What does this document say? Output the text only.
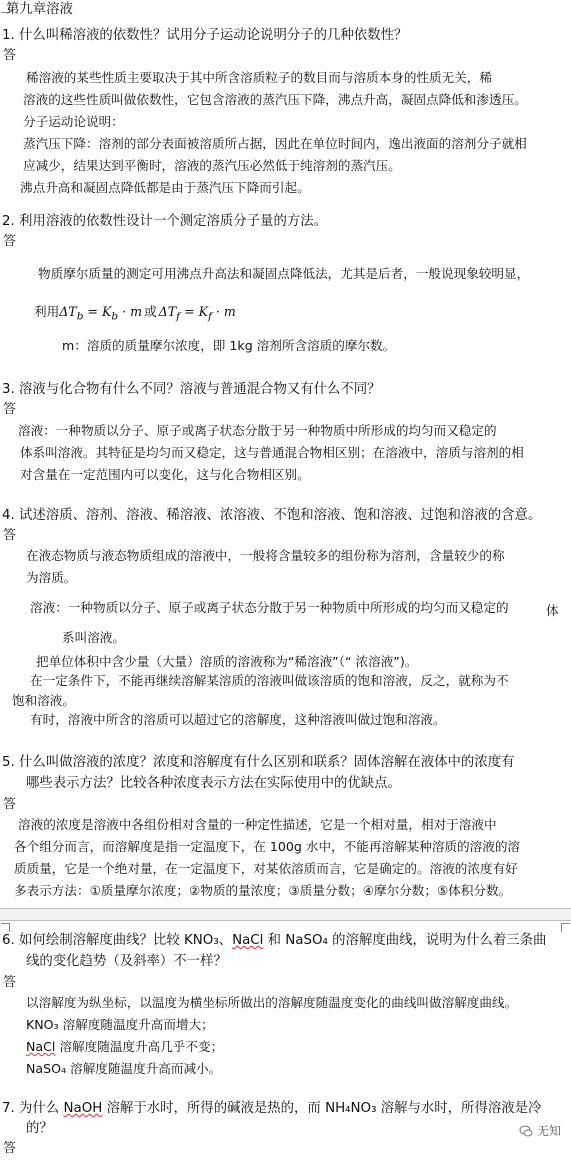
第九章溶液
1. 什么叫稀溶液的依数性？试用分子运动论说明分子的几种依数性？
答
稀溶液的某些性质主要取决于其中所含溶质粒子的数目而与溶质本身的性质无关，稀
溶液的这些性质叫做依数性，它包含溶液的蒸汽压下降，沸点升高，凝固点降低和渗透压。
分子运动论说明：
蒸汽压下降：溶剂的部分表面被溶质所占据，因此在单位时间内，逸出液面的溶剂分子就相
应减少，结果达到平衡时，溶液的蒸汽压必然低于纯溶剂的蒸汽压。
沸点升高和凝固点降低都是由于蒸汽压下降而引起。
2. 利用溶液的依数性设计一个测定溶质分子量的方法。
答
物质摩尔质量的测定可用沸点升高法和凝固点降低法，尤其是后者，一般说现象较明显，
利用$\Delta T_b = K_b \cdot m$ 或 $\Delta T_f = K_f \cdot m$
m：溶质的质量摩尔浓度，即 1kg 溶剂所含溶质的摩尔数。
3. 溶液与化合物有什么不同？溶液与普通混合物又有什么不同？
答
溶液：一种物质以分子、原子或离子状态分散于另一种物质中所形成的均匀而又稳定的
体系叫溶液。其特征是均匀而又稳定，这与普通混合物相区别；在溶液中，溶质与溶剂的相
对含量在一定范围内可以变化，这与化合物相区别。
4. 试述溶质、溶剂、溶液、稀溶液、浓溶液、不饱和溶液、饱和溶液、过饱和溶液的含意。
答
在液态物质与液态物质组成的溶液中，一般将含量较多的组份称为溶剂，含量较少的称
为溶质。
溶液：一种物质以分子、原子或离子状态分散于另一种物质中所形成的均匀而又稳定的	体
系叫溶液。
把单位体积中含少量（大量）溶质的溶液称为“稀溶液”（“ 浓溶液”)。
在一定条件下，不能再继续溶解某溶质的溶液叫做该溶质的饱和溶液，反之，就称为不
饱和溶液。
有时，溶液中所含的溶质可以超过它的溶解度，这种溶液叫做过饱和溶液。
5. 什么叫做溶液的浓度？浓度和溶解度有什么区别和联系？固体溶解在液体中的浓度有
哪些表示方法？比较各种浓度表示方法在实际使用中的优缺点。
答
溶液的浓度是溶液中各组份相对含量的一种定性描述，它是一个相对量，相对于溶液中
各个组分而言，而溶解度是指一定温度下，在 100g 水中，不能再溶解某种溶质的溶液的溶
质质量，它是一个绝对量，在一定温度下，对某依溶质而言，它是确定的。溶液的浓度有好
多表示方法：①质量摩尔浓度；②物质的量浓度；③质量分数；④摩尔分数；⑤体积分数。
6. 如何绘制溶解度曲线？比较 KNO₃、NaCl 和 NaSO₄ 的溶解度曲线，说明为什么着三条曲
线的变化趋势（及斜率）不一样？
答
以溶解度为纵坐标，以温度为横坐标所做出的溶解度随温度变化的曲线叫做溶解度曲线。
KNO₃ 溶解度随温度升高而增大；
NaCl 溶解度随温度升高几乎不变；
NaSO₄ 溶解度随温度升高而减小。
7. 为什么 NaOH 溶解于水时，所得的碱液是热的，而 NH₄NO₃ 溶解与水时，所得溶液是冷
的？
答
无知
